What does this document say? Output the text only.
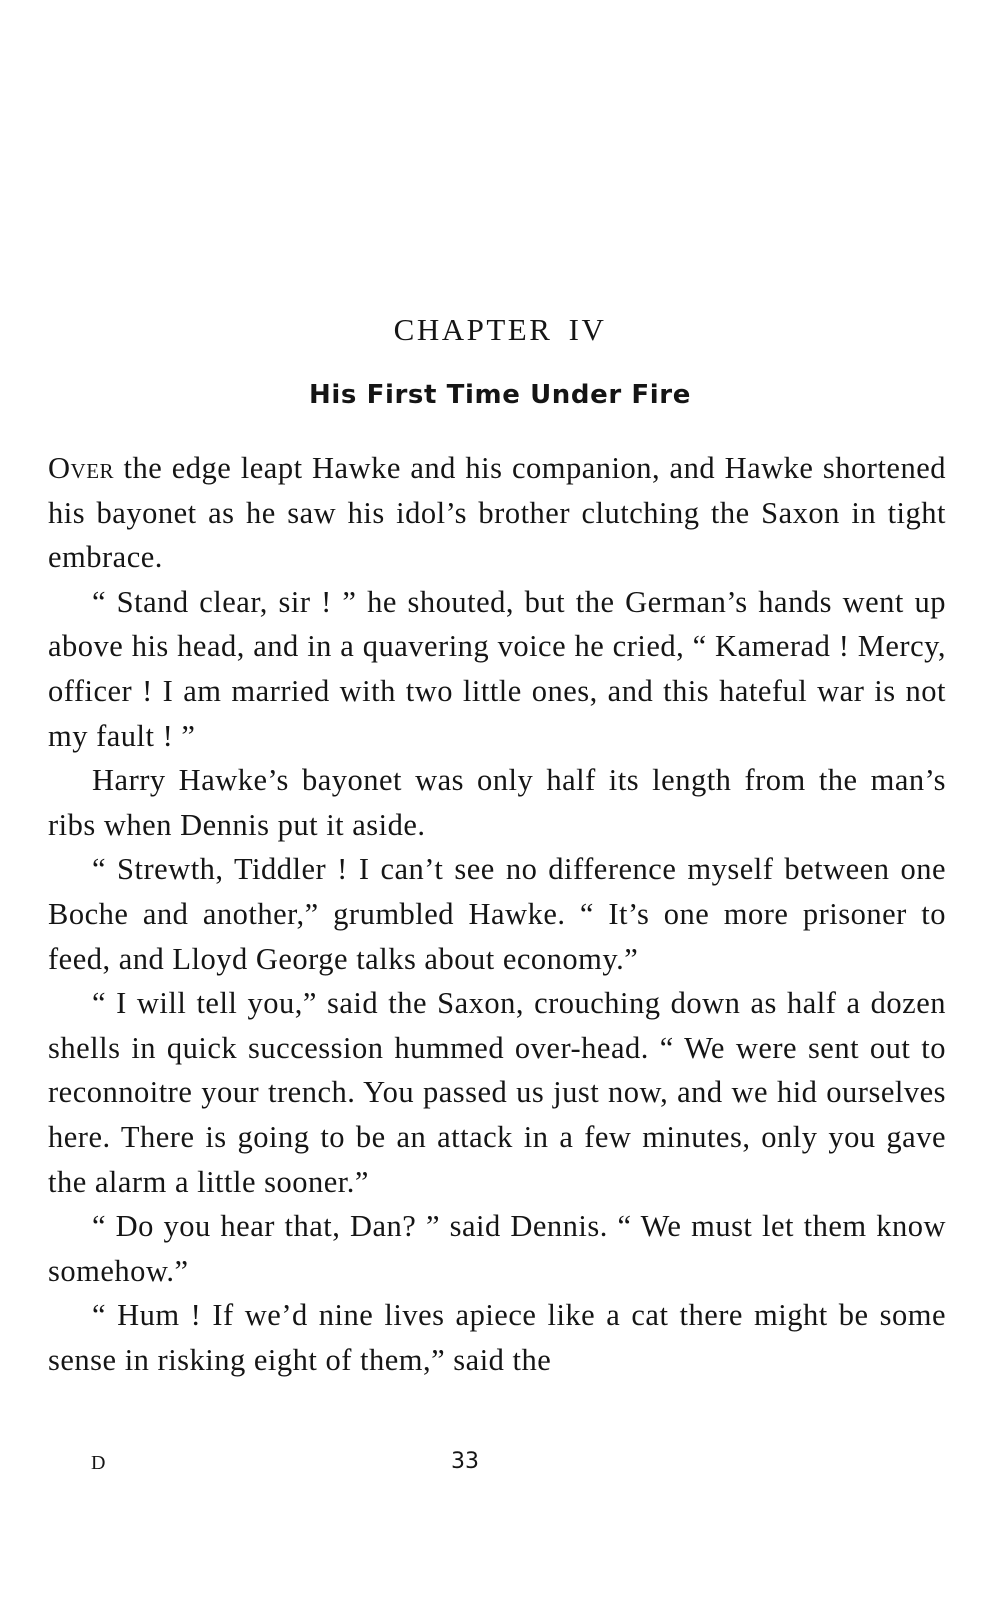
CHAPTER IV
His First Time Under Fire

Over the edge leapt Hawke and his companion, and Hawke shortened his bayonet as he saw his idol’s brother clutching the Saxon in tight embrace.

“ Stand clear, sir ! ” he shouted, but the German’s hands went up above his head, and in a quavering voice he cried, “ Kamerad ! Mercy, officer ! I am married with two little ones, and this hateful war is not my fault ! ”

Harry Hawke’s bayonet was only half its length from the man’s ribs when Dennis put it aside.

“ Strewth, Tiddler ! I can’t see no difference myself between one Boche and another,” grumbled Hawke. “ It’s one more prisoner to feed, and Lloyd George talks about economy.”

“ I will tell you,” said the Saxon, crouching down as half a dozen shells in quick succession hummed over-head. “ We were sent out to reconnoitre your trench. You passed us just now, and we hid ourselves here. There is going to be an attack in a few minutes, only you gave the alarm a little sooner.”

“ Do you hear that, Dan? ” said Dennis. “ We must let them know somehow.”

“ Hum ! If we’d nine lives apiece like a cat there might be some sense in risking eight of them,” said the

D	33
